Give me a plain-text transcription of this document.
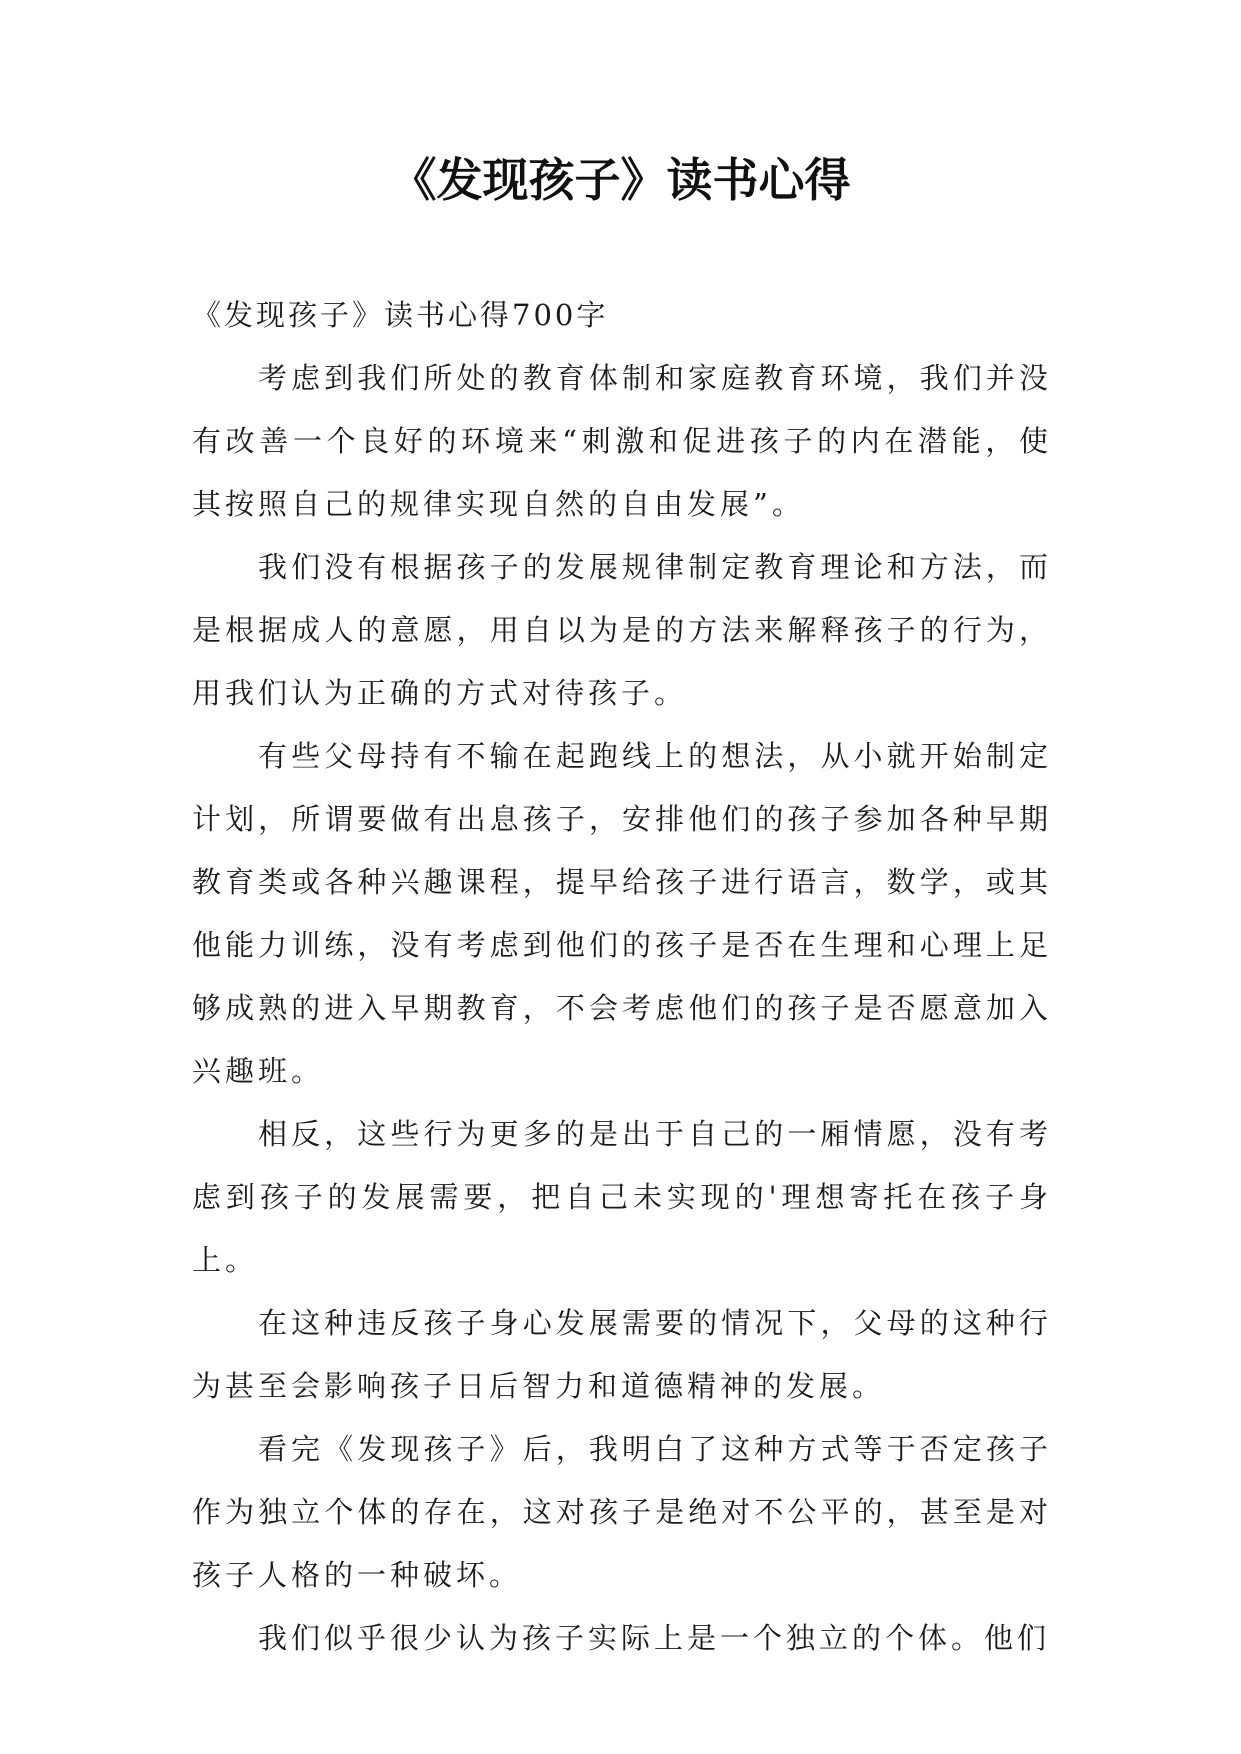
《发现孩子》读书心得

《发现孩子》读书心得700字

考虑到我们所处的教育体制和家庭教育环境，我们并没有改善一个良好的环境来“刺激和促进孩子的内在潜能，使其按照自己的规律实现自然的自由发展”。

我们没有根据孩子的发展规律制定教育理论和方法，而是根据成人的意愿，用自以为是的方法来解释孩子的行为，用我们认为正确的方式对待孩子。

有些父母持有不输在起跑线上的想法，从小就开始制定计划，所谓要做有出息孩子，安排他们的孩子参加各种早期教育类或各种兴趣课程，提早给孩子进行语言，数学，或其他能力训练，没有考虑到他们的孩子是否在生理和心理上足够成熟的进入早期教育，不会考虑他们的孩子是否愿意加入兴趣班。

相反，这些行为更多的是出于自己的一厢情愿，没有考虑到孩子的发展需要，把自己未实现的'理想寄托在孩子身上。

在这种违反孩子身心发展需要的情况下，父母的这种行为甚至会影响孩子日后智力和道德精神的发展。

看完《发现孩子》后，我明白了这种方式等于否定孩子作为独立个体的存在，这对孩子是绝对不公平的，甚至是对孩子人格的一种破坏。

我们似乎很少认为孩子实际上是一个独立的个体。他们
